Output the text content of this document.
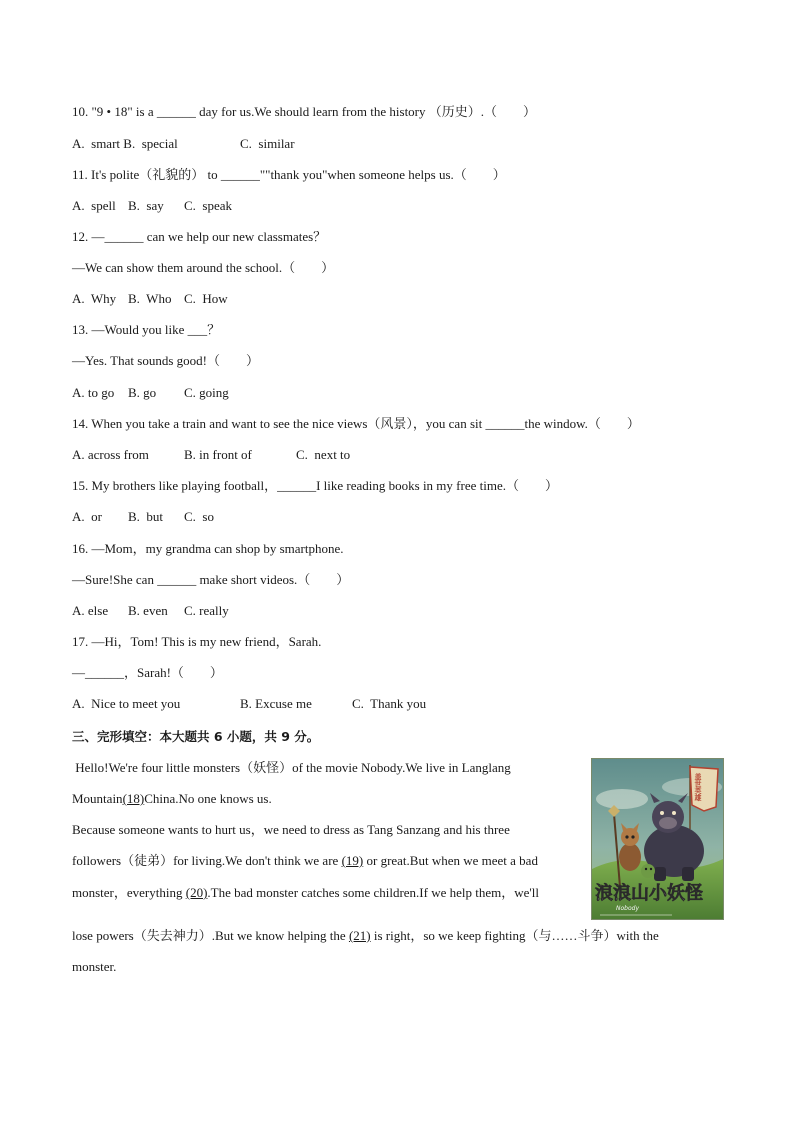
10. "9 • 18" is a ______ day for us.We should learn from the history （历史）.（　　）
A.  smart B.  special	C.  similar
11. It's polite（礼貌的） to ______""thank you"when someone helps us.（　　）
A.  spell B.  say C.  speak
12. —______ can we help our new classmates？
—We can show them around the school.（　　）
A.  Why B.  Who C.  How
13. —Would you like ___？
—Yes. That sounds good!（　　）
A. to go B. go C. going
14. When you take a train and want to see the nice views（风景），you can sit ______the window.（　　）
A. across from	B. in front of	C.  next to
15. My brothers like playing football，______I like reading books in my free time.（　　）
A.  or B.  but C.  so
16. —Mom，my grandma can shop by smartphone.
—Sure!She can ______ make short videos.（　　）
A. else B. even C. really
17. —Hi，Tom! This is my new friend，Sarah.
—______，Sarah!（　　）
A.  Nice to meet you	B. Excuse me	C.  Thank you
三、完形填空：本大题共 6 小题，共 9 分。
Hello!We're four little monsters（妖怪）of the movie Nobody.We live in Langlang
Mountain(18)China.No one knows us.
Because someone wants to hurt us，we need to dress as Tang Sanzang and his three
followers（徒弟）for living.We don't think we are (19) or great.But when we meet a bad
monster，everything (20).The bad monster catches some children.If we help them，we'll
lose powers（失去神力）.But we know helping the (21) is right，so we keep fighting（与……斗争）with the
monster.
盖世英雄
浪浪山小妖怪
Nobody
